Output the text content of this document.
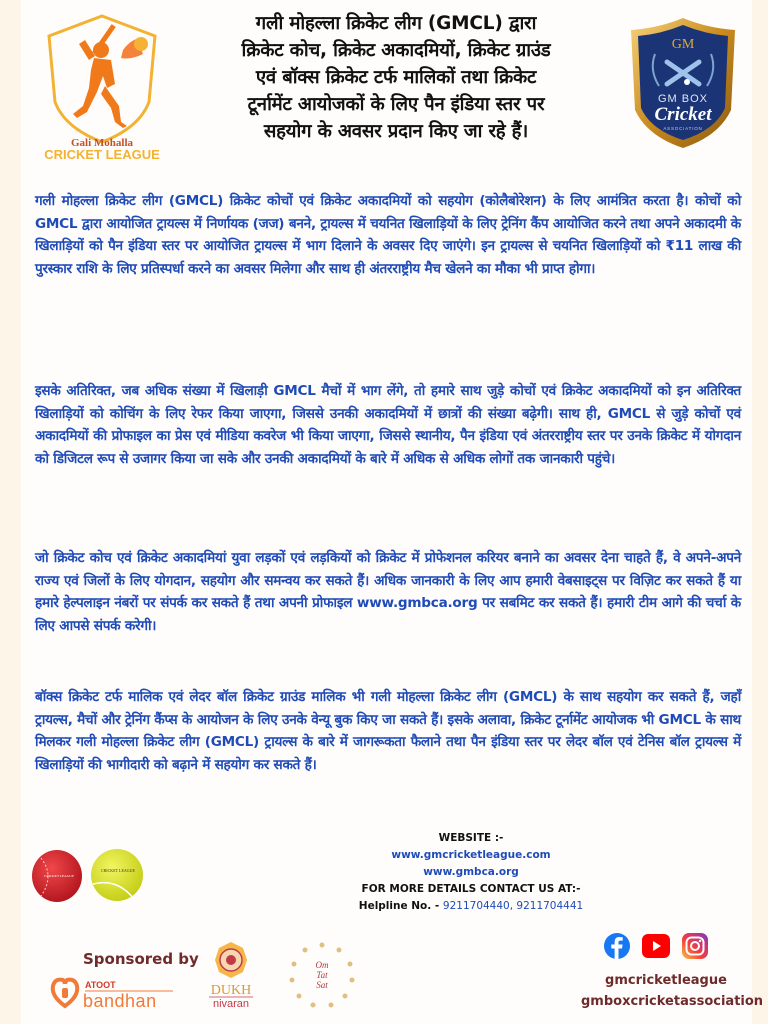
Gali Mohalla
CRICKET LEAGUE
गली मोहल्ला क्रिकेट लीग (GMCL) द्वारा
क्रिकेट कोच, क्रिकेट अकादमियों, क्रिकेट ग्राउंड
एवं बॉक्स क्रिकेट टर्फ मालिकों तथा क्रिकेट
टूर्नामेंट आयोजकों के लिए पैन इंडिया स्तर पर
सहयोग के अवसर प्रदान किए जा रहे हैं।
GM
GM BOX
Cricket
ASSOCIATION

गली मोहल्ला क्रिकेट लीग (GMCL) क्रिकेट कोचों एवं क्रिकेट अकादमियों को सहयोग (कोलैबोरेशन) के लिए आमंत्रित करता है। कोचों को GMCL द्वारा आयोजित ट्रायल्स में निर्णायक (जज) बनने, ट्रायल्स में चयनित खिलाड़ियों के लिए ट्रेनिंग कैंप आयोजित करने तथा अपने अकादमी के खिलाड़ियों को पैन इंडिया स्तर पर आयोजित ट्रायल्स में भाग दिलाने के अवसर दिए जाएंगे। इन ट्रायल्स से चयनित खिलाड़ियों को ₹11 लाख की पुरस्कार राशि के लिए प्रतिस्पर्धा करने का अवसर मिलेगा और साथ ही अंतरराष्ट्रीय मैच खेलने का मौका भी प्राप्त होगा।

इसके अतिरिक्त, जब अधिक संख्या में खिलाड़ी GMCL मैचों में भाग लेंगे, तो हमारे साथ जुड़े कोचों एवं क्रिकेट अकादमियों को इन अतिरिक्त खिलाड़ियों को कोचिंग के लिए रेफर किया जाएगा, जिससे उनकी अकादमियों में छात्रों की संख्या बढ़ेगी। साथ ही, GMCL से जुड़े कोचों एवं अकादमियों की प्रोफाइल का प्रेस एवं मीडिया कवरेज भी किया जाएगा, जिससे स्थानीय, पैन इंडिया एवं अंतरराष्ट्रीय स्तर पर उनके क्रिकेट में योगदान को डिजिटल रूप से उजागर किया जा सके और उनकी अकादमियों के बारे में अधिक से अधिक लोगों तक जानकारी पहुंचे।

जो क्रिकेट कोच एवं क्रिकेट अकादमियां युवा लड़कों एवं लड़कियों को क्रिकेट में प्रोफेशनल करियर बनाने का अवसर देना चाहते हैं, वे अपने-अपने राज्य एवं जिलों के लिए योगदान, सहयोग और समन्वय कर सकते हैं। अधिक जानकारी के लिए आप हमारी वेबसाइट्स पर विज़िट कर सकते हैं या हमारे हेल्पलाइन नंबरों पर संपर्क कर सकते हैं तथा अपनी प्रोफाइल www.gmbca.org पर सबमिट कर सकते हैं। हमारी टीम आगे की चर्चा के लिए आपसे संपर्क करेगी।

बॉक्स क्रिकेट टर्फ मालिक एवं लेदर बॉल क्रिकेट ग्राउंड मालिक भी गली मोहल्ला क्रिकेट लीग (GMCL) के साथ सहयोग कर सकते हैं, जहाँ ट्रायल्स, मैचों और ट्रेनिंग कैंप्स के आयोजन के लिए उनके वेन्यू बुक किए जा सकते हैं। इसके अलावा, क्रिकेट टूर्नामेंट आयोजक भी GMCL के साथ मिलकर गली मोहल्ला क्रिकेट लीग (GMCL) ट्रायल्स के बारे में जागरूकता फैलाने तथा पैन इंडिया स्तर पर लेदर बॉल एवं टेनिस बॉल ट्रायल्स में खिलाड़ियों की भागीदारी को बढ़ाने में सहयोग कर सकते हैं।

CRICKET LEAGUE
CRICKET LEAGUE
WEBSITE :-
www.gmcricketleague.com
www.gmbca.org
FOR MORE DETAILS CONTACT US AT:-
Helpline No. - 9211704440, 9211704441
Sponsored by
ATOOT
bandhan
DUKH
nivaran
Om
Tat
Sat	gmcricketleague
gmboxcricketassociation
